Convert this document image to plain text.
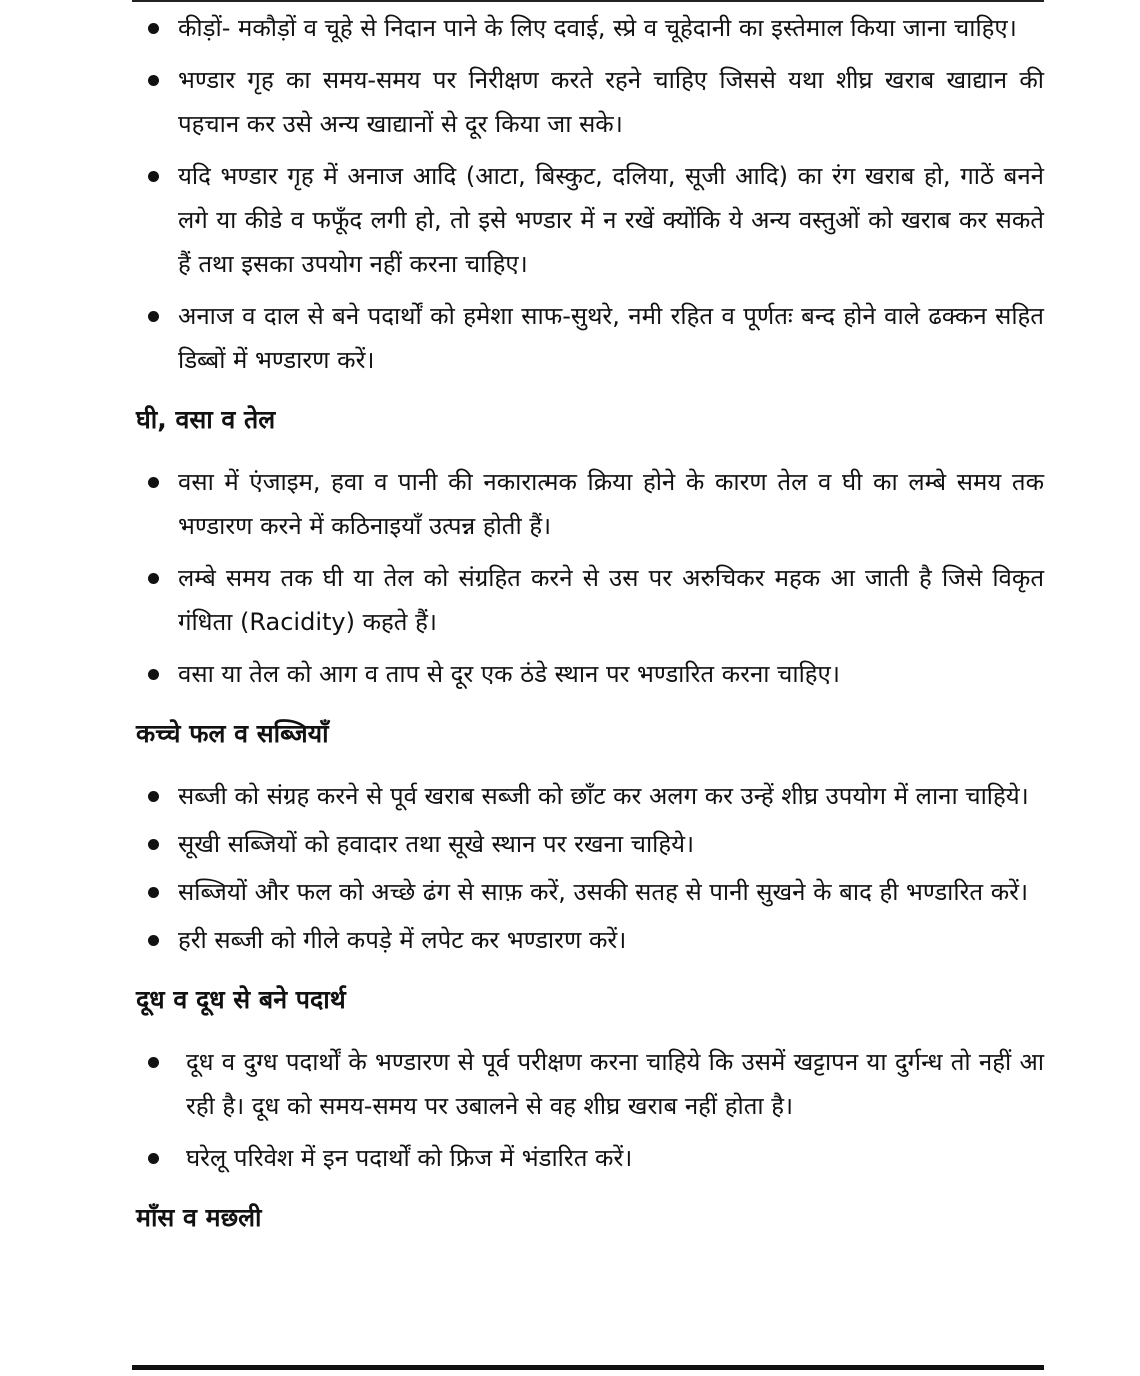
कीड़ों- मकौड़ों व चूहे से निदान पाने के लिए दवाई, स्प्रे व चूहेदानी का इस्तेमाल किया जाना चाहिए।
भण्डार गृह का समय-समय पर निरीक्षण करते रहने चाहिए जिससे यथा शीघ्र खराब खाद्यान की पहचान कर उसे अन्य खाद्यानों से दूर किया जा सके।
यदि भण्डार गृह में अनाज आदि (आटा, बिस्कुट, दलिया, सूजी आदि) का रंग खराब हो, गाठें बनने लगे या कीडे व फफूँद लगी हो, तो इसे भण्डार में न रखें क्योंकि ये अन्य वस्तुओं को खराब कर सकते हैं तथा इसका उपयोग नहीं करना चाहिए।
अनाज व दाल से बने पदार्थों को हमेशा साफ-सुथरे, नमी रहित व पूर्णतः बन्द होने वाले ढक्कन सहित डिब्बों में भण्डारण करें।
घी, वसा व तेल
वसा में एंजाइम, हवा व पानी की नकारात्मक क्रिया होने के कारण तेल व घी का लम्बे समय तक भण्डारण करने में कठिनाइयाँ उत्पन्न होती हैं।
लम्बे समय तक घी या तेल को संग्रहित करने से उस पर अरुचिकर महक आ जाती है जिसे विकृत गंधिता (Racidity) कहते हैं।
वसा या तेल को आग व ताप से दूर एक ठंडे स्थान पर भण्डारित करना चाहिए।
कच्चे फल व सब्जियाँ
सब्जी को संग्रह करने से पूर्व खराब सब्जी को छाँट कर अलग कर उन्हें शीघ्र उपयोग में लाना चाहिये।
सूखी सब्जियों को हवादार तथा सूखे स्थान पर रखना चाहिये।
सब्जियों और फल को अच्छे ढंग से साफ़ करें, उसकी सतह से पानी सुखने के बाद ही भण्डारित करें।
हरी सब्जी को गीले कपड़े में लपेट कर भण्डारण करें।
दूध व दूध से बने पदार्थ
दूध व दुग्ध पदार्थों के भण्डारण से पूर्व परीक्षण करना चाहिये कि उसमें खट्टापन या दुर्गन्ध तो नहीं आ रही है। दूध को समय-समय पर उबालने से वह शीघ्र खराब नहीं होता है।
घरेलू परिवेश में इन पदार्थों को फ्रिज में भंडारित करें।
माँस व मछली
